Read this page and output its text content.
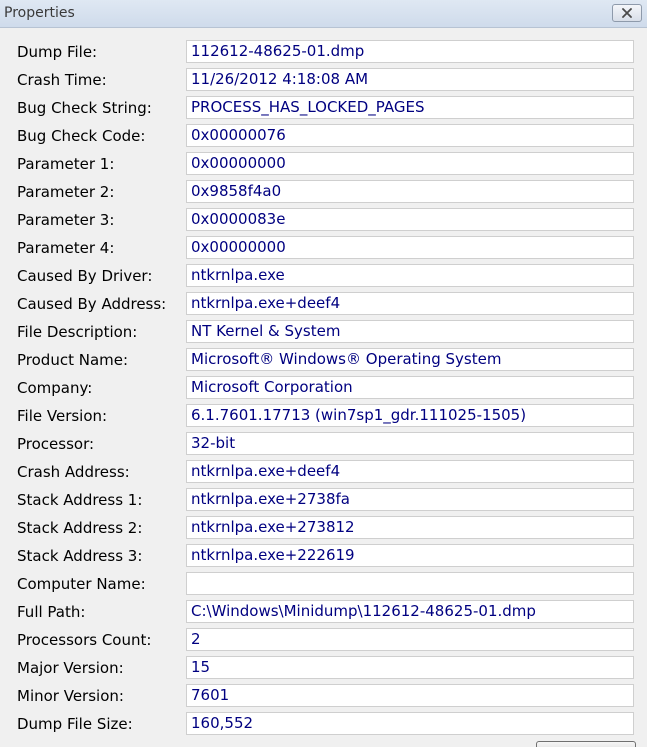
Properties
Dump File:	112612-48625-01.dmp
Crash Time:	11/26/2012 4:18:08 AM
Bug Check String:	PROCESS_HAS_LOCKED_PAGES
Bug Check Code:	0x00000076
Parameter 1:	0x00000000
Parameter 2:	0x9858f4a0
Parameter 3:	0x0000083e
Parameter 4:	0x00000000
Caused By Driver:	ntkrnlpa.exe
Caused By Address:	ntkrnlpa.exe+deef4
File Description:	NT Kernel & System
Product Name:	Microsoft® Windows® Operating System
Company:	Microsoft Corporation
File Version:	6.1.7601.17713 (win7sp1_gdr.111025-1505)
Processor:	32-bit
Crash Address:	ntkrnlpa.exe+deef4
Stack Address 1:	ntkrnlpa.exe+2738fa
Stack Address 2:	ntkrnlpa.exe+273812
Stack Address 3:	ntkrnlpa.exe+222619
Computer Name:
Full Path:	C:\Windows\Minidump\112612-48625-01.dmp
Processors Count:	2
Major Version:	15
Minor Version:	7601
Dump File Size:	160,552
